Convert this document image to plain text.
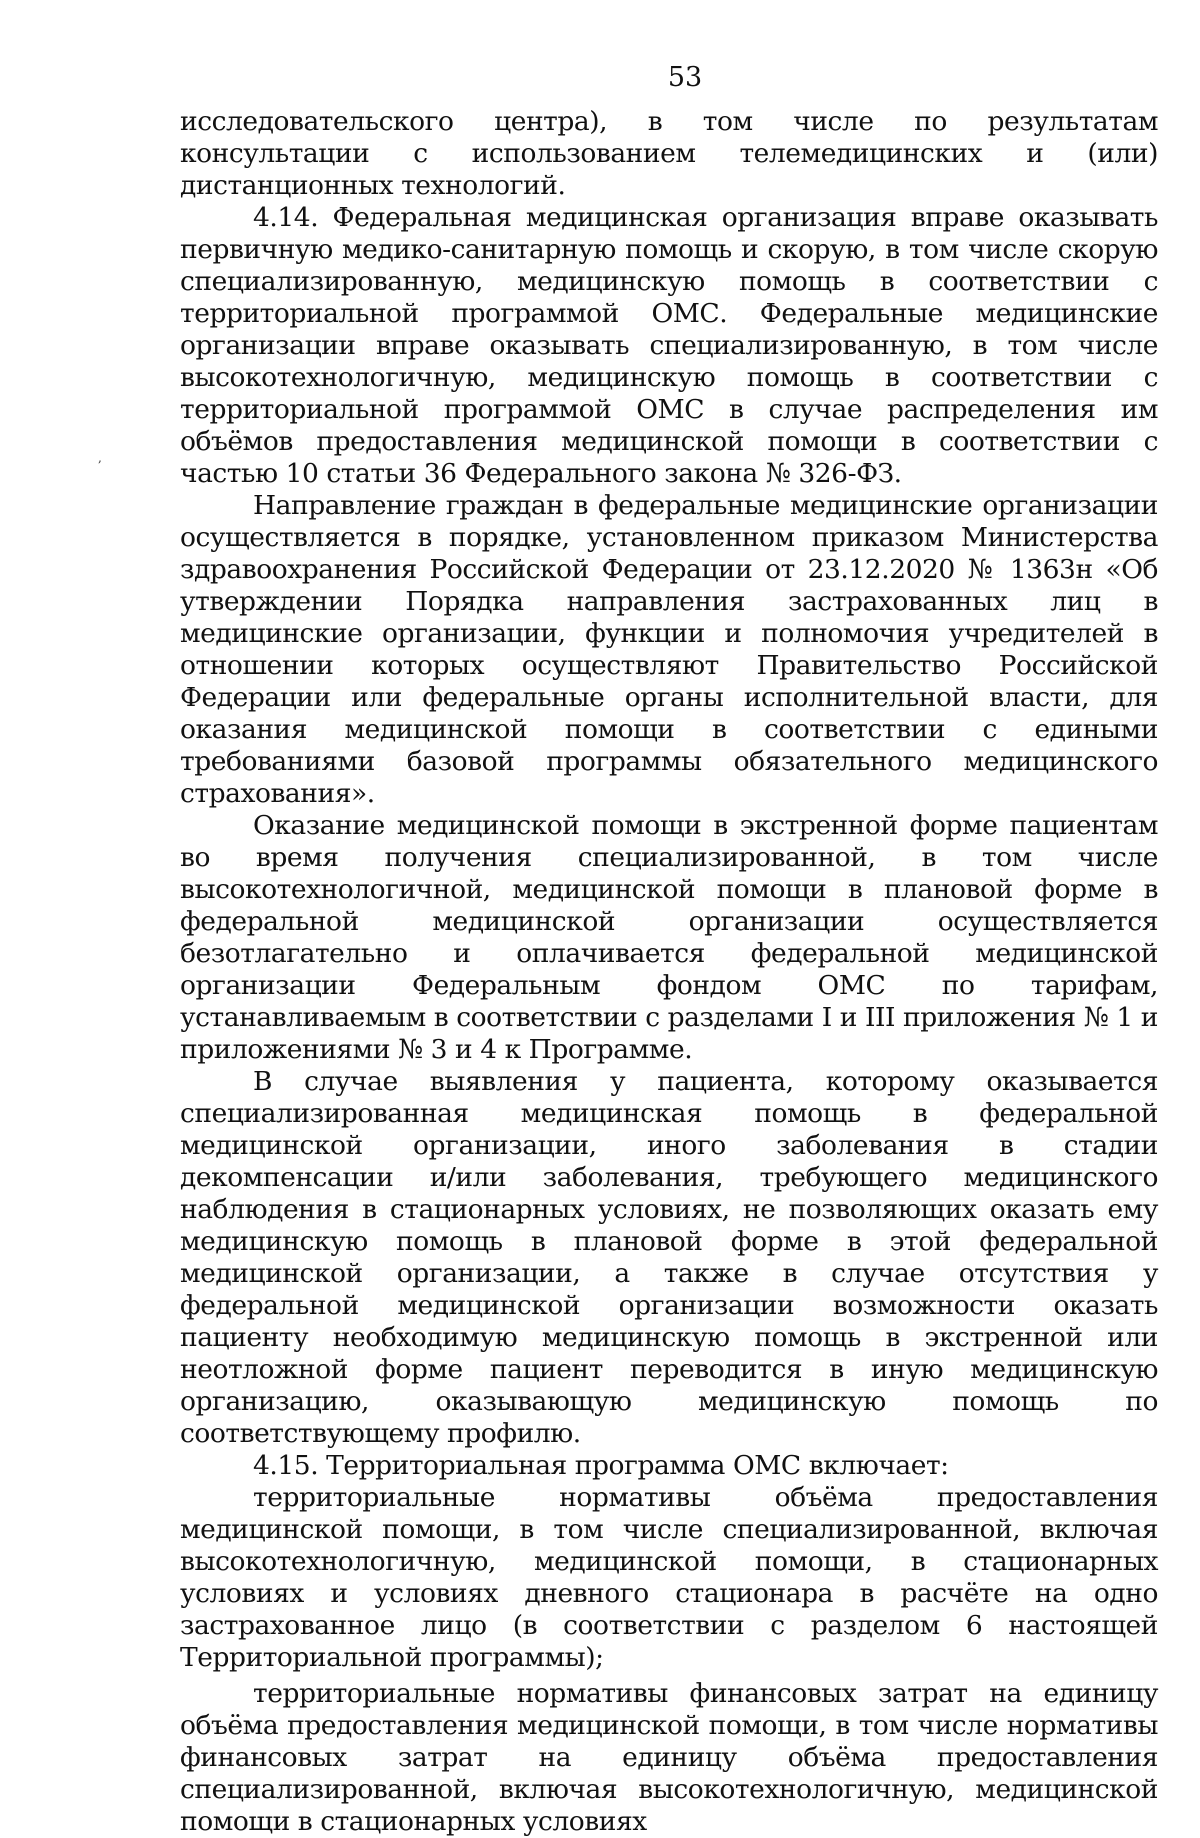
53
,

исследовательского центра), в том числе по результатам консультации с использованием телемедицинских и (или) дистанционных технологий.

4.14. Федеральная медицинская организация вправе оказывать первичную медико-санитарную помощь и скорую, в том числе скорую специализированную, медицинскую помощь в соответствии с территориальной программой ОМС. Федеральные медицинские организации вправе оказывать специализированную, в том числе высокотехнологичную, медицинскую помощь в соответствии с территориальной программой ОМС в случае распределения им объёмов предоставления медицинской помощи в соответствии с частью 10 статьи 36 Федерального закона № 326-ФЗ.

Направление граждан в федеральные медицинские организации осуществляется в порядке, установленном приказом Министерства здравоохранения Российской Федерации от 23.12.2020 № 1363н «Об утверждении Порядка направления застрахованных лиц в медицинские организации, функции и полномочия учредителей в отношении которых осуществляют Правительство Российской Федерации или федеральные органы исполнительной власти, для оказания медицинской помощи в соответствии с едиными требованиями базовой программы обязательного медицинского страхования».

Оказание медицинской помощи в экстренной форме пациентам во время получения специализированной, в том числе высокотехнологичной, медицинской помощи в плановой форме в федеральной медицинской организации осуществляется безотлагательно и оплачивается федеральной медицинской организации Федеральным фондом ОМС по тарифам, устанавливаемым в соответствии с разделами I и III приложения № 1 и приложениями № 3 и 4 к Программе.

В случае выявления у пациента, которому оказывается специализированная медицинская помощь в федеральной медицинской организации, иного заболевания в стадии декомпенсации и/или заболевания, требующего медицинского наблюдения в стационарных условиях, не позволяющих оказать ему медицинскую помощь в плановой форме в этой федеральной медицинской организации, а также в случае отсутствия у федеральной медицинской организации возможности оказать пациенту необходимую медицинскую помощь в экстренной или неотложной форме пациент переводится в иную медицинскую организацию, оказывающую медицинскую помощь по соответствующему профилю.

4.15. Территориальная программа ОМС включает:

территориальные нормативы объёма предоставления медицинской помощи, в том числе специализированной, включая высокотехнологичную, медицинской помощи, в стационарных условиях и условиях дневного стационара в расчёте на одно застрахованное лицо (в соответствии с разделом 6 настоящей Территориальной программы);

территориальные нормативы финансовых затрат на единицу объёма предоставления медицинской помощи, в том числе нормативы финансовых затрат на единицу объёма предоставления специализированной, включая высокотехнологичную, медицинской помощи в стационарных условиях
